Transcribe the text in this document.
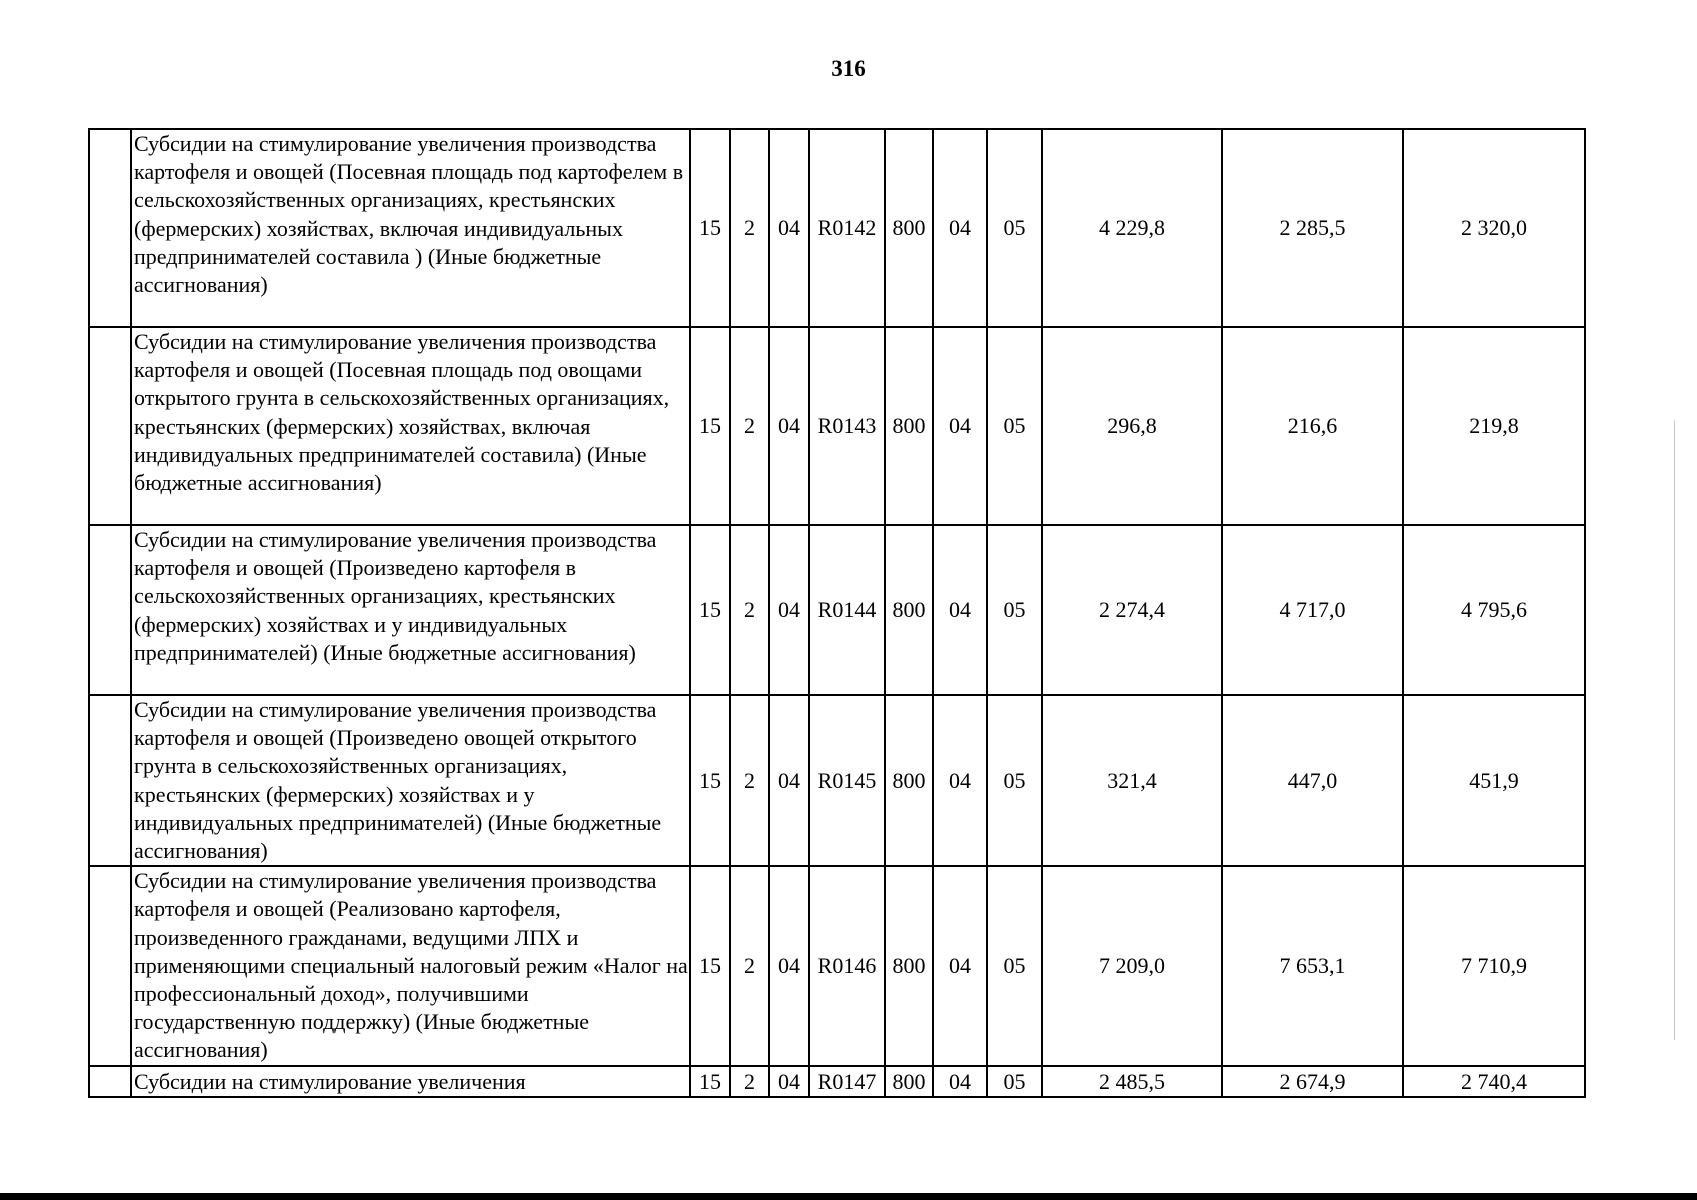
316
	Субсидии на стимулирование увеличения производства картофеля и овощей (Посевная площадь под картофелем в сельскохозяйственных организациях, крестьянских (фермерских) хозяйствах, включая индивидуальных предпринимателей составила ) (Иные бюджетные ассигнования)	15	2	04	R0142	800	04	05	4 229,8	2 285,5	2 320,0
	Субсидии на стимулирование увеличения производства картофеля и овощей (Посевная площадь под овощами открытого грунта в сельскохозяйственных организациях, крестьянских (фермерских) хозяйствах, включая индивидуальных предпринимателей составила) (Иные бюджетные ассигнования)	15	2	04	R0143	800	04	05	296,8	216,6	219,8
	Субсидии на стимулирование увеличения производства картофеля и овощей (Произведено картофеля в сельскохозяйственных организациях, крестьянских (фермерских) хозяйствах и у индивидуальных предпринимателей) (Иные бюджетные ассигнования)	15	2	04	R0144	800	04	05	2 274,4	4 717,0	4 795,6
	Субсидии на стимулирование увеличения производства картофеля и овощей (Произведено овощей открытого грунта в сельскохозяйственных организациях, крестьянских (фермерских) хозяйствах и у индивидуальных предпринимателей) (Иные бюджетные ассигнования)	15	2	04	R0145	800	04	05	321,4	447,0	451,9
	Субсидии на стимулирование увеличения производства картофеля и овощей (Реализовано картофеля, произведенного гражданами, ведущими ЛПХ и применяющими специальный налоговый режим «Налог на профессиональный доход», получившими государственную поддержку) (Иные бюджетные ассигнования)	15	2	04	R0146	800	04	05	7 209,0	7 653,1	7 710,9
	Субсидии на стимулирование увеличения	15	2	04	R0147	800	04	05	2 485,5	2 674,9	2 740,4
